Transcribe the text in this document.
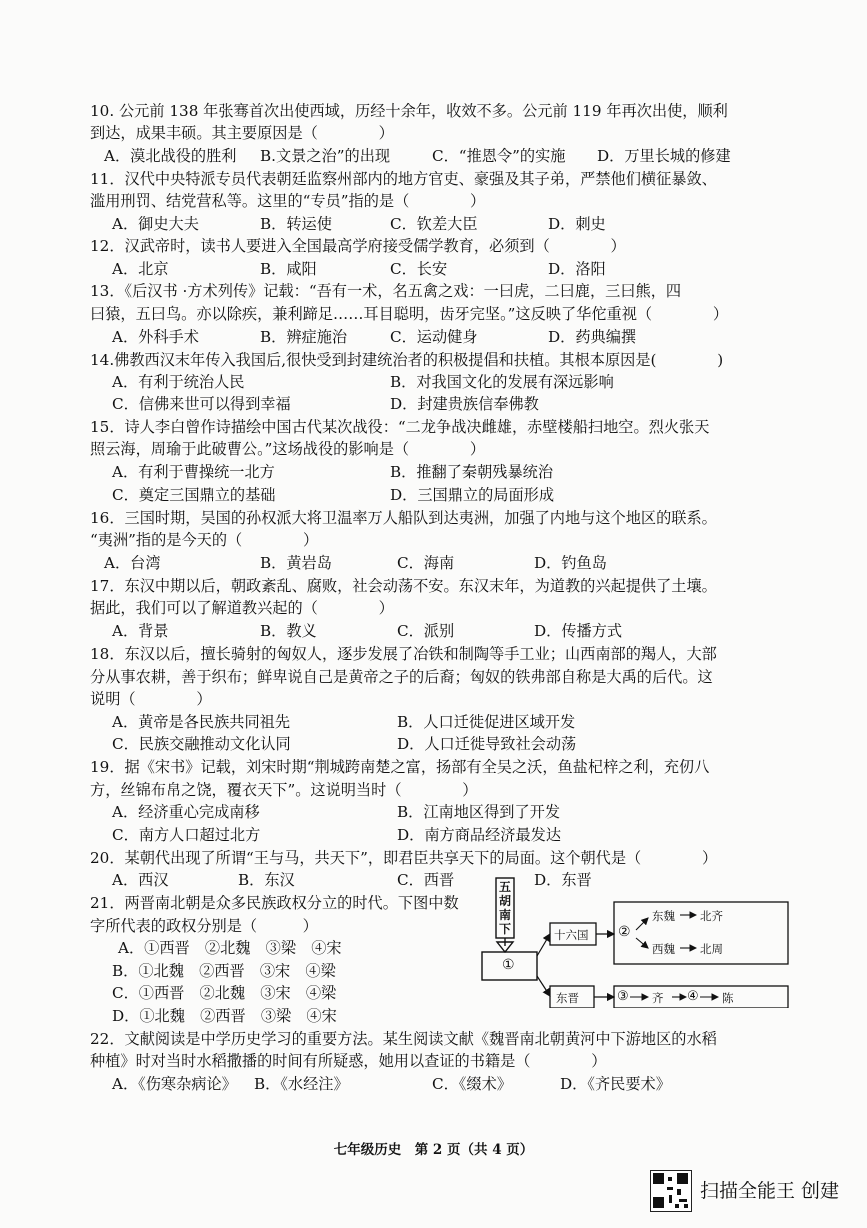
10. 公元前 138 年张骞首次出使西域，历经十余年，收效不多。公元前 119 年再次出使，顺利
到达，成果丰硕。其主要原因是（　　　　）
A．漠北战役的胜利 B.文景之治”的出现	C．“推恩令”的实施 D．万里长城的修建
11．汉代中央特派专员代表朝廷监察州部内的地方官吏、豪强及其子弟，严禁他们横征暴敛、
滥用刑罚、结党营私等。这里的“专员”指的是（　　　　）
A．御史大夫	B．转运使	C．钦差大臣	D．刺史
12．汉武帝时，读书人要进入全国最高学府接受儒学教育，必须到（　　　　）
A．北京	B．咸阳	C．长安	D．洛阳
13．《后汉书 ·方术列传》记载：“吾有一术，名五禽之戏：一曰虎，二曰鹿，三曰熊，四
曰猿，五曰鸟。亦以除疾，兼利蹄足……耳目聪明，齿牙完坚。”这反映了华佗重视（　　　　）
A．外科手术	B．辨症施治	C．运动健身	D．药典编撰
14.佛教西汉末年传入我国后,很快受到封建统治者的积极提倡和扶植。其根本原因是(　　　　)
A．有利于统治人民	B．对我国文化的发展有深远影响
C．信佛来世可以得到幸福	D．封建贵族信奉佛教
15．诗人李白曾作诗描绘中国古代某次战役：“二龙争战决雌雄，赤壁楼船扫地空。烈火张天
照云海，周瑜于此破曹公。”这场战役的影响是（　　　　）
A．有利于曹操统一北方	B．推翻了秦朝残暴统治
C．奠定三国鼎立的基础	D．三国鼎立的局面形成
16．三国时期，吴国的孙权派大将卫温率万人船队到达夷洲，加强了内地与这个地区的联系。
“夷洲”指的是今天的（　　　　）
A．台湾	B．黄岩岛	C．海南	D．钓鱼岛
17．东汉中期以后，朝政紊乱、腐败，社会动荡不安。东汉末年，为道教的兴起提供了土壤。
据此，我们可以了解道教兴起的（　　　　）
A．背景	B．教义	C．派别	D．传播方式
18．东汉以后，擅长骑射的匈奴人，逐步发展了冶铁和制陶等手工业；山西南部的羯人，大部
分从事农耕，善于织布；鲜卑说自己是黄帝之子的后裔；匈奴的铁弗部自称是大禹的后代。这
说明（　　　　）
A．黄帝是各民族共同祖先	B．人口迁徙促进区域开发
C．民族交融推动文化认同	D．人口迁徙导致社会动荡
19．据《宋书》记载，刘宋时期“荆城跨南楚之富，扬部有全吴之沃，鱼盐杞梓之利，充仞八
方，丝锦布帛之饶，覆衣天下”。这说明当时（　　　　）
A．经济重心完成南移	B．江南地区得到了开发
C．南方人口超过北方	D．南方商品经济最发达
20．某朝代出现了所谓“王与马，共天下”，即君臣共享天下的局面。这个朝代是（　　　　）
A．西汉	B．东汉	C．西晋	D．东晋
21．两晋南北朝是众多民族政权分立的时代。下图中数
字所代表的政权分别是（　　　）
A．①西晋　②北魏　③梁　④宋
B．①北魏　②西晋　③宋　④梁
C．①西晋　②北魏　③宋　④梁
D．①北魏　②西晋　③梁　④宋
22．文献阅读是中学历史学习的重要方法。某生阅读文献《魏晋南北朝黄河中下游地区的水稻
种植》时对当时水稻撒播的时间有所疑惑，她用以查证的书籍是（　　　　）
A．《伤寒杂病论》 B．《水经注》	C．《缀术》	D．《齐民要术》
五胡南下
①
十六国 ②
东魏 北齐
西魏 北周
东晋	③ 齐 ④ 陈
七年级历史　第 2 页（共 4 页）
扫描全能王 创建
